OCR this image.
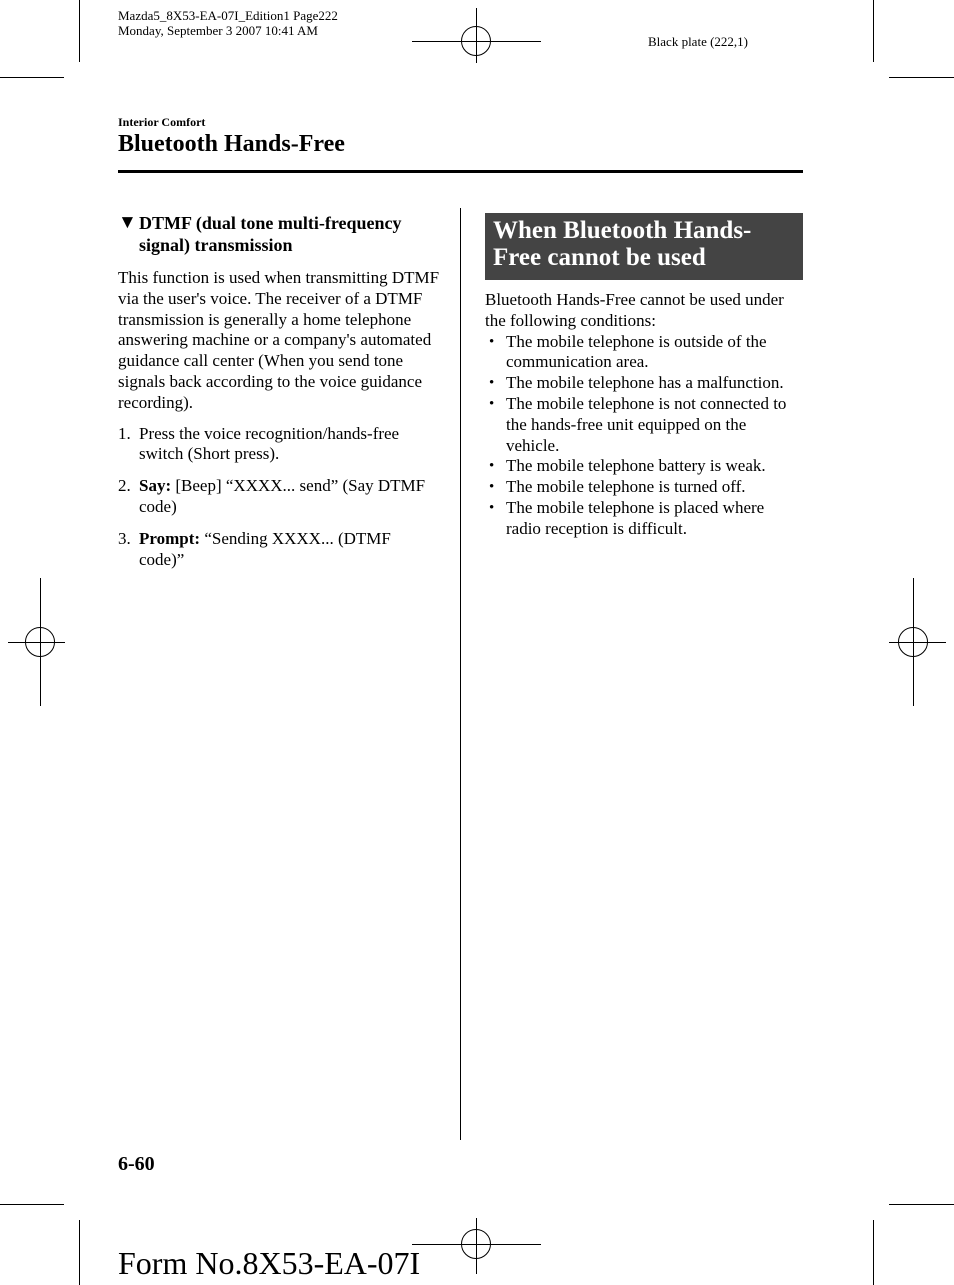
Mazda5_8X53-EA-07I_Edition1 Page222
Monday, September 3 2007 10:41 AM
Black plate (222,1)
Interior Comfort
Bluetooth Hands-Free
▼ DTMF (dual tone multi-frequency signal) transmission

This function is used when transmitting DTMF via the user's voice. The receiver of a DTMF transmission is generally a home telephone answering machine or a company's automated guidance call center (When you send tone signals back according to the voice guidance recording).

1. Press the voice recognition/hands-free switch (Short press).
2. Say: [Beep] “XXXX... send” (Say DTMF code)
3. Prompt: “Sending XXXX... (DTMF code)”
When Bluetooth Hands-Free cannot be used

Bluetooth Hands-Free cannot be used under the following conditions:

• The mobile telephone is outside of the communication area.
• The mobile telephone has a malfunction.
• The mobile telephone is not connected to the hands-free unit equipped on the vehicle.
• The mobile telephone battery is weak.
• The mobile telephone is turned off.
• The mobile telephone is placed where radio reception is difficult.
6-60
Form No.8X53-EA-07I
